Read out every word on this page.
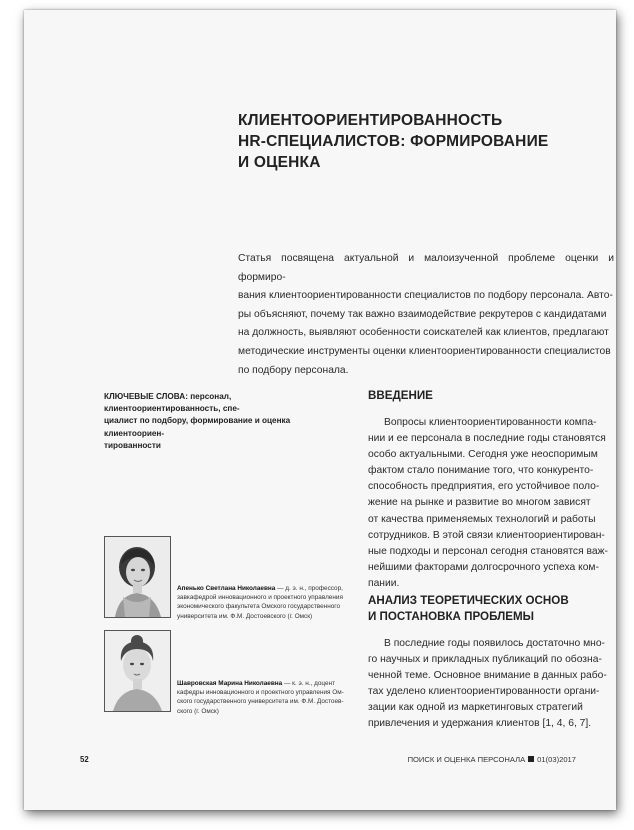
КЛИЕНТООРИЕНТИРОВАННОСТЬ
HR-СПЕЦИАЛИСТОВ: ФОРМИРОВАНИЕ
И ОЦЕНКА

Статья посвящена актуальной и малоизученной проблеме оценки и формиро-
вания клиентоориентированности специалистов по подбору персонала. Авто-
ры объясняют, почему так важно взаимодействие рекрутеров с кандидатами
на должность, выявляют особенности соискателей как клиентов, предлагают
методические инструменты оценки клиентоориентированности специалистов
по подбору персонала.

КЛЮЧЕВЫЕ СЛОВА: персонал, клиентоориентированность, спе-
циалист по подбору, формирование и оценка клиентоориен-
тированности

ВВЕДЕНИЕ

Вопросы клиентоориентированности компа-
нии и ее персонала в последние годы становятся
особо актуальными. Сегодня уже неоспоримым
фактом стало понимание того, что конкуренто-
способность предприятия, его устойчивое поло-
жение на рынке и развитие во многом зависят
от качества применяемых технологий и работы
сотрудников. В этой связи клиентоориентирован-
ные подходы и персонал сегодня становятся важ-
нейшими факторами долгосрочного успеха ком-
пании.

АНАЛИЗ ТЕОРЕТИЧЕСКИХ ОСНОВ
И ПОСТАНОВКА ПРОБЛЕМЫ

В последние годы появилось достаточно мно-
го научных и прикладных публикаций по обозна-
ченной теме. Основное внимание в данных рабо-
тах уделено клиентоориентированности органи-
зации как одной из маркетинговых стратегий
привлечения и удержания клиентов [1, 4, 6, 7].

Апенько Светлана Николаевна — д. э. н., профессор,
завкафедрой инновационного и проектного управления
экономического факультета Омского государственного
университета им. Ф.М. Достоевского (г. Омск)

Шавровская Марина Николаевна — к. э. н., доцент
кафедры инновационного и проектного управления Ом-
ского государственного университета им. Ф.М. Достоев-
ского (г. Омск)

52	ПОИСК И ОЦЕНКА ПЕРСОНАЛА 01(03)2017
